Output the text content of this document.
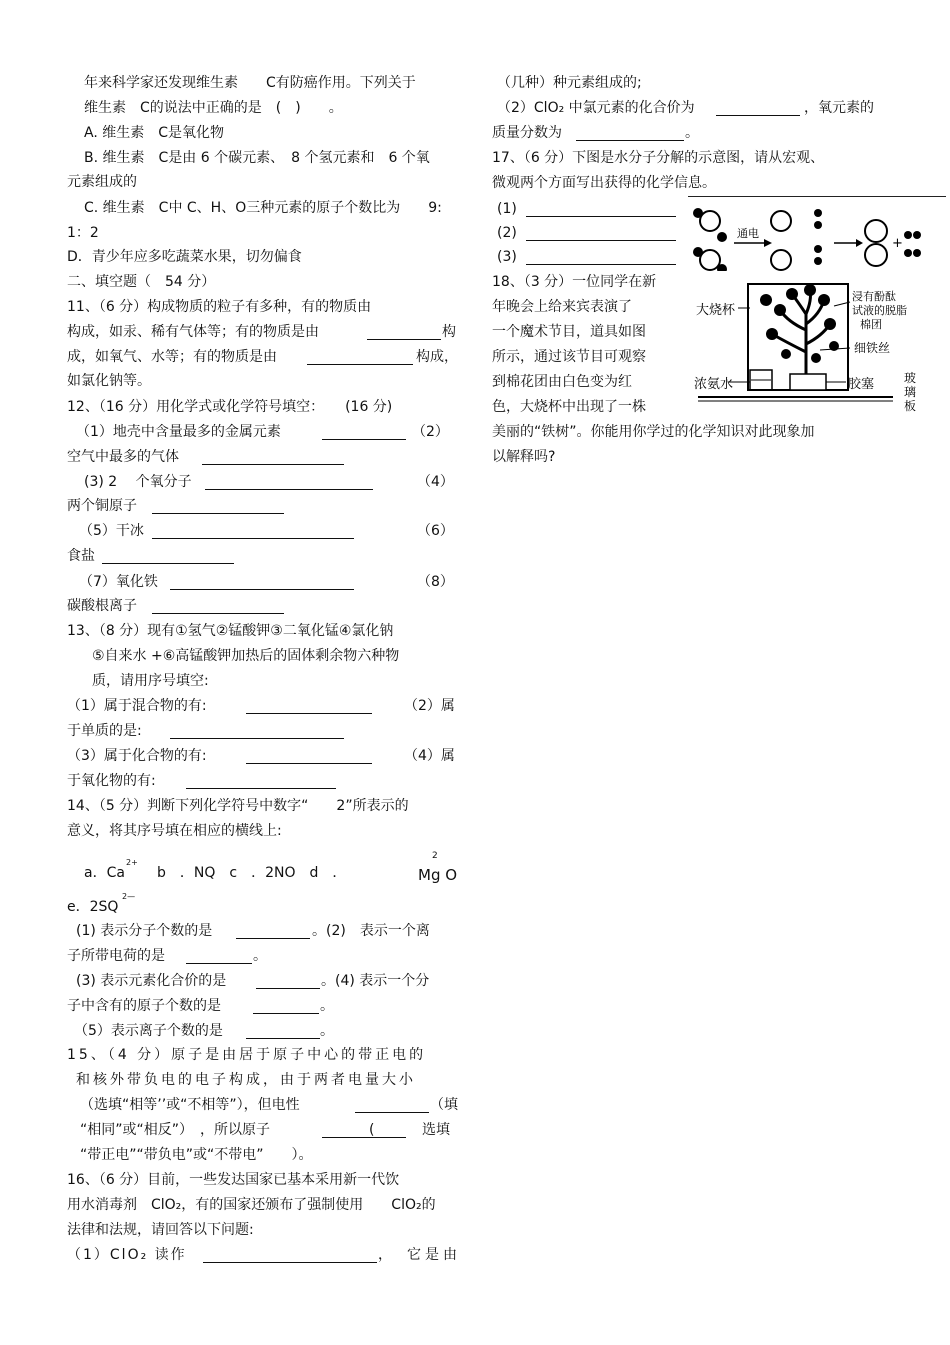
年来科学家还发现维生素　　C有防癌作用。下列关于
维生素　C的说法中正确的是　(　)　　。
A. 维生素　C是氧化物
B. 维生素　C是由 6 个碳元素、　8 个氢元素和　6 个氧
元素组成的
C. 维生素　C中 C、H、O三种元素的原子个数比为　　9:
1：2
D．青少年应多吃蔬菜水果，切勿偏食
二、填空题（　54 分）
11、（6 分）构成物质的粒子有多种，有的物质由
构成，如汞、稀有气体等；有的物质是由	构
成，如氧气、水等；有的物质是由	构成，
如氯化钠等。
12、（16 分）用化学式或化学符号填空：　　(16 分)
（1）地壳中含量最多的金属元素	（2）
空气中最多的气体
(3) 2　 个氧分子	（4）
两个铜原子
（5）干冰	（6）
食盐
（7）氧化铁	（8）
碳酸根离子
13、（8 分）现有①氢气②锰酸钾③二氧化锰④氯化钠
⑤自来水 +⑥高锰酸钾加热后的固体剩余物六种物
质，请用序号填空:
（1）属于混合物的有:	（2）属
于单质的是:
（3）属于化合物的有:	（4）属
于氧化物的有:
14、（5 分）判断下列化学符号中数字“　　2”所表示的
意义，将其序号填在相应的横线上:
a．Ca
2+
b　．NQ　c　．2NO　d　．
2
Mg O
e．2SQ
2—
(1) 表示分子个数的是	。(2)　表示一个离
子所带电荷的是	。
(3) 表示元素化合价的是	。(4) 表示一个分
子中含有的原子个数的是	。
（5）表示离子个数的是	。
15、（4 分）原子是由居于原子中心的带正电的
和核外带负电的电子构成，由于两者电量大小
（选填“相等’’或“不相等”），但电性	（填
“相同”或“相反”）　，所以原子	　(	选填
“带正电”“带负电”或“不带电”　　）。
16、（6 分）目前，一些发达国家已基本采用新一代饮
用水消毒剂　ClO₂，有的国家还颁布了强制使用　　ClO₂的
法律和法规，请回答以下问题:
（1）ClO₂ 读作	，　它是由
（几种）种元素组成的;
（2）ClO₂ 中氯元素的化合价为	，氧元素的
质量分数为	。
17、（6 分）下图是水分子分解的示意图，请从宏观、
微观两个方面写出获得的化学信息。
(1)
(2)
(3)
通电
+
18、（3 分）一位同学在新
年晚会上给来宾表演了
一个魔术节目，道具如图
所示，通过该节目可观察
到棉花团由白色变为红
色，大烧杯中出现了一株
美丽的“铁树”。你能用你学过的化学知识对此现象加
以解释吗?
大烧杯
浸有酚酞
试液的脱脂
棉团
细铁丝
浓氨水	胶塞 玻
璃
板
